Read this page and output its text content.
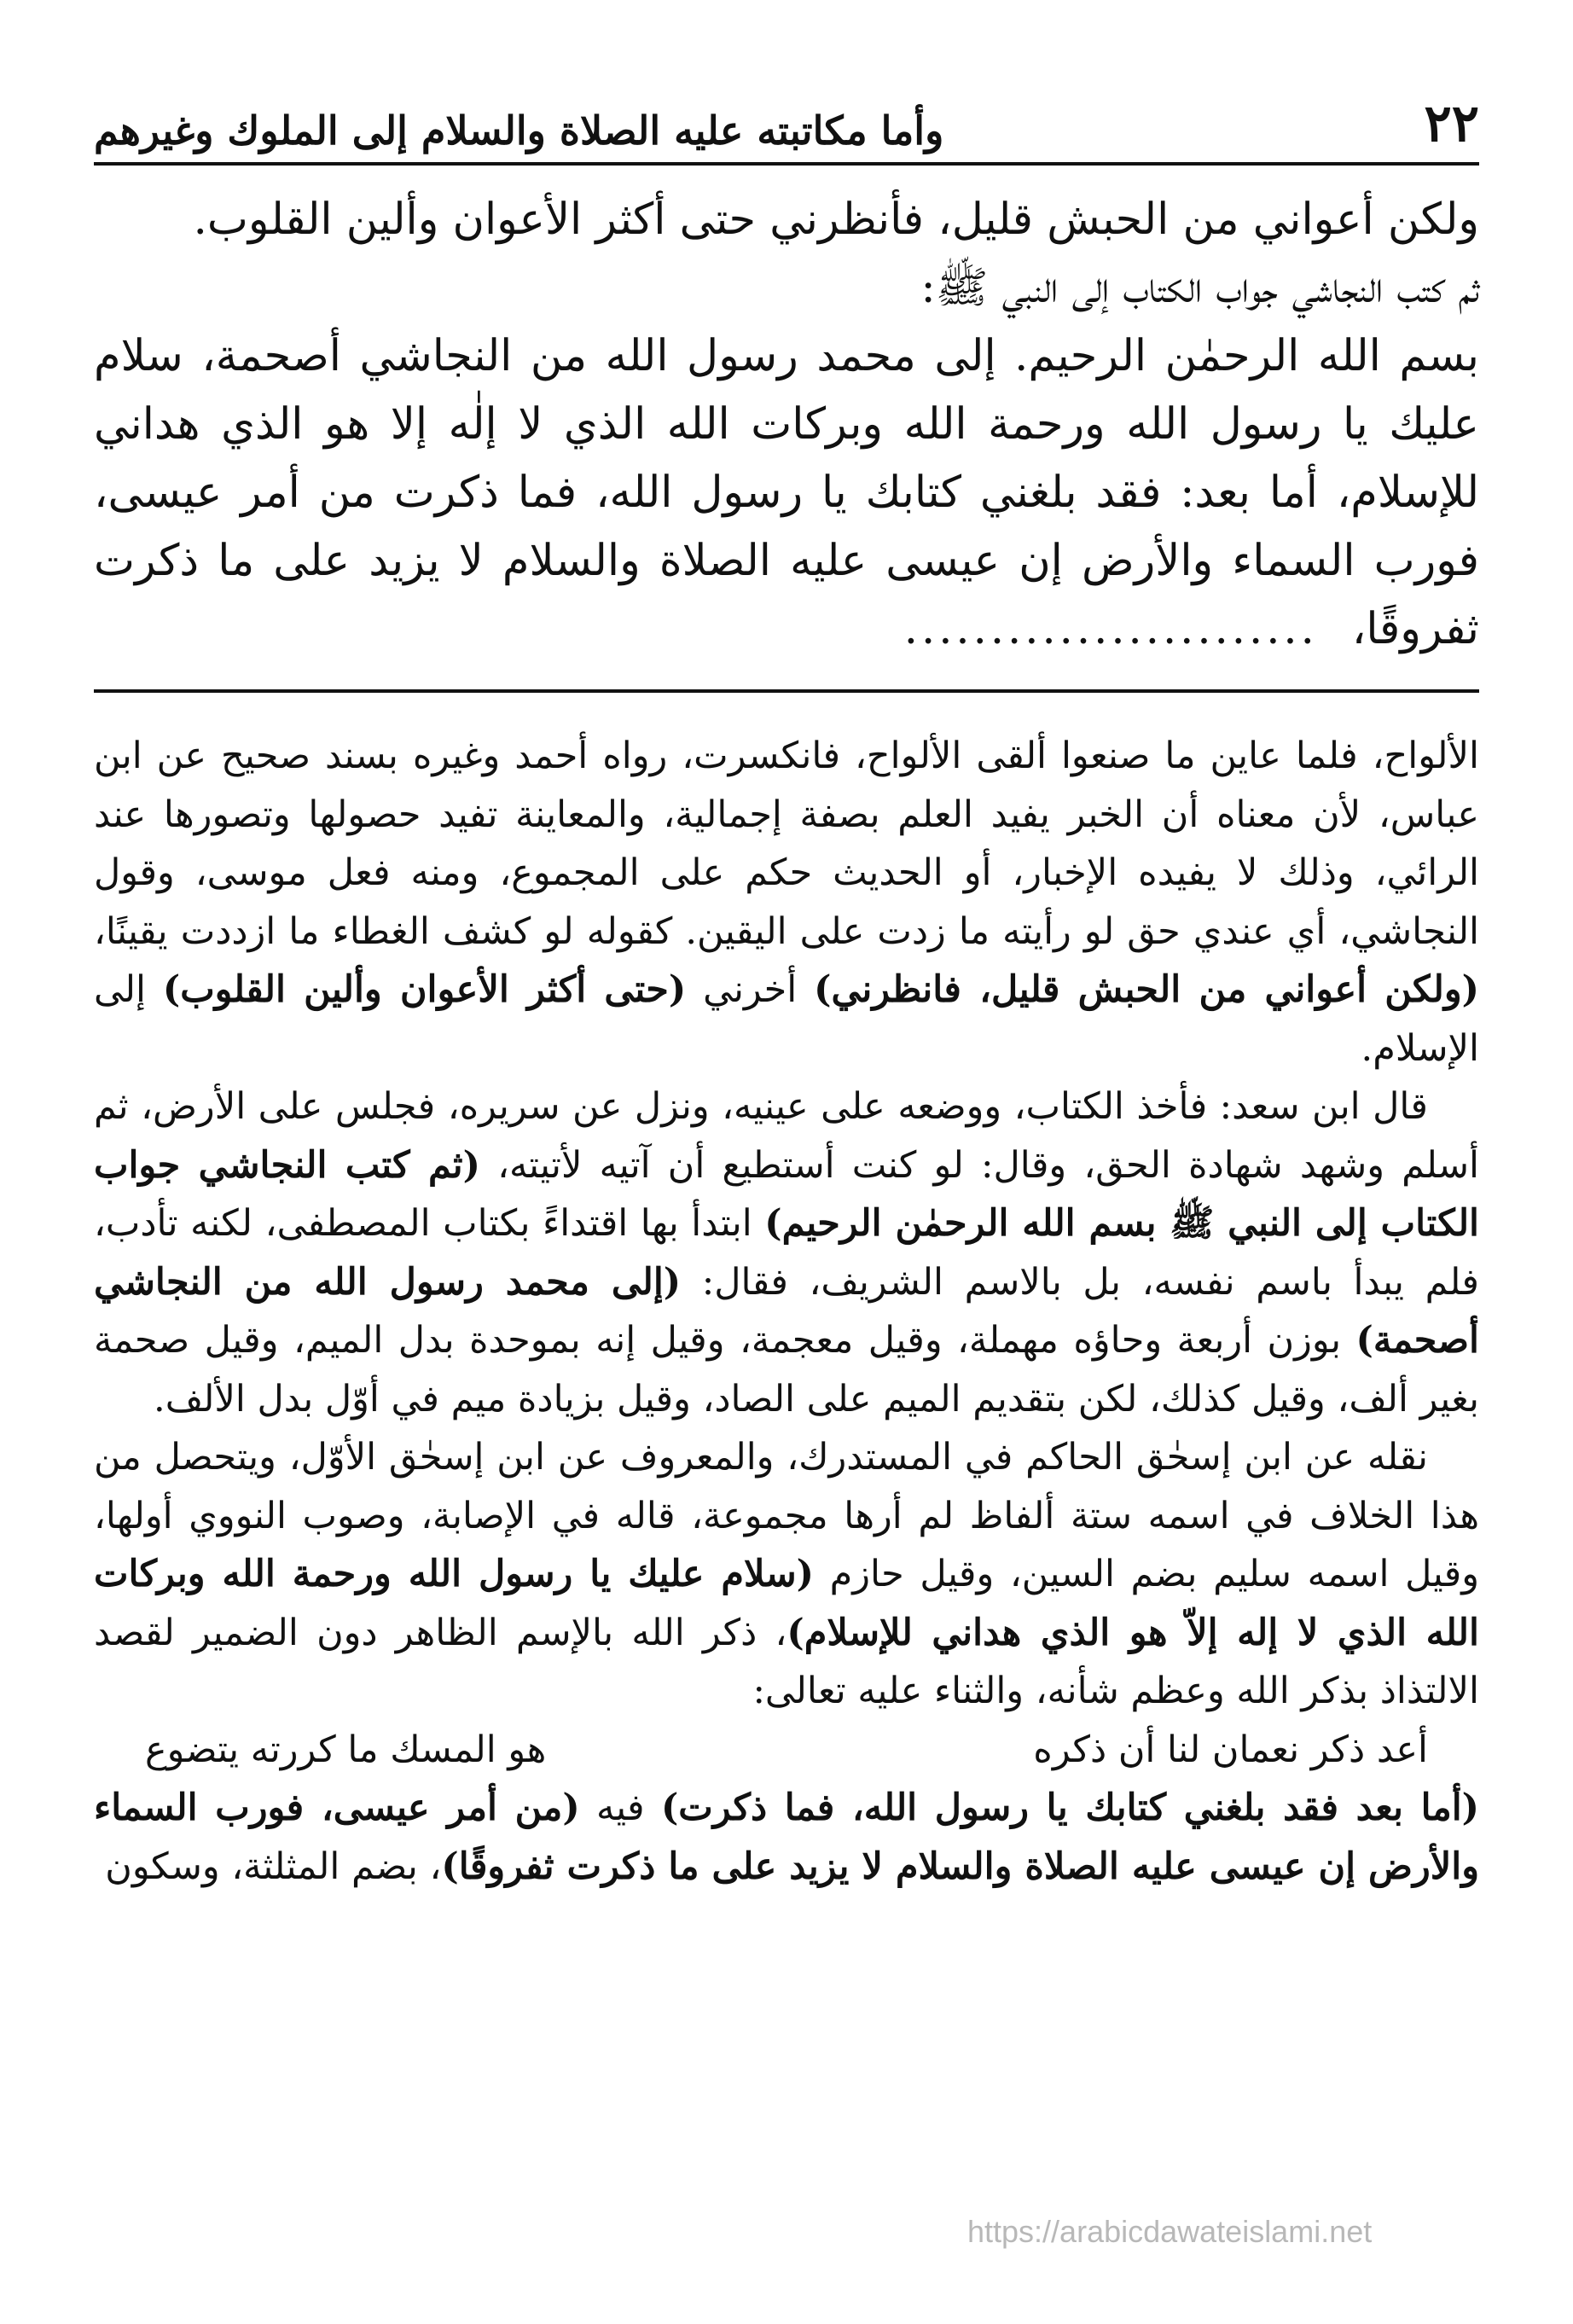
٢٢
وأما مكاتبته عليه الصلاة والسلام إلى الملوك وغيرهم

ولكن أعواني من الحبش قليل، فأنظرني حتى أكثر الأعوان وألين القلوب.

ثم كتب النجاشي جواب الكتاب إلى النبي ﷺ:

بسم الله الرحمٰن الرحيم. إلى محمد رسول الله من النجاشي أصحمة، سلام عليك يا رسول الله ورحمة الله وبركات الله الذي لا إلٰه إلا هو الذي هداني للإسلام، أما بعد: فقد بلغني كتابك يا رسول الله، فما ذكرت من أمر عيسى، فورب السماء والأرض إن عيسى عليه الصلاة والسلام لا يزيد على ما ذكرت ثفروقًا،........................

الألواح، فلما عاين ما صنعوا ألقى الألواح، فانكسرت، رواه أحمد وغيره بسند صحيح عن ابن عباس، لأن معناه أن الخبر يفيد العلم بصفة إجمالية، والمعاينة تفيد حصولها وتصورها عند الرائي، وذلك لا يفيده الإخبار، أو الحديث حكم على المجموع، ومنه فعل موسى، وقول النجاشي، أي عندي حق لو رأيته ما زدت على اليقين. كقوله لو كشف الغطاء ما ازددت يقينًا،(ولكن أعواني من الحبش قليل، فانظرني) أخرني (حتى أكثر الأعوان وألين القلوب) إلى الإسلام.

قال ابن سعد: فأخذ الكتاب، ووضعه على عينيه، ونزل عن سريره، فجلس على الأرض، ثم أسلم وشهد شهادة الحق، وقال: لو كنت أستطيع أن آتيه لأتيته، (ثم كتب النجاشي جواب الكتاب إلى النبي ﷺ بسم الله الرحمٰن الرحيم) ابتدأ بها اقتداءً بكتاب المصطفى، لكنه تأدب، فلم يبدأ باسم نفسه، بل بالاسم الشريف، فقال: (إلى محمد رسول الله من النجاشي أصحمة) بوزن أربعة وحاؤه مهملة، وقيل معجمة، وقيل إنه بموحدة بدل الميم، وقيل صحمة بغير ألف، وقيل كذلك، لكن بتقديم الميم على الصاد، وقيل بزيادة ميم في أوّل بدل الألف.

نقله عن ابن إسحٰق الحاكم في المستدرك، والمعروف عن ابن إسحٰق الأوّل، ويتحصل من هذا الخلاف في اسمه ستة ألفاظ لم أرها مجموعة، قاله في الإصابة، وصوب النووي أولها، وقيل اسمه سليم بضم السين، وقيل حازم (سلام عليك يا رسول الله ورحمة الله وبركات الله الذي لا إله إلاّ هو الذي هداني للإسلام)، ذكر الله بالإسم الظاهر دون الضمير لقصد الالتذاذ بذكر الله وعظم شأنه، والثناء عليه تعالى:

أعد ذكر نعمان لنا أن ذكره
هو المسك ما كررته يتضوع

(أما بعد فقد بلغني كتابك يا رسول الله، فما ذكرت) فيه (من أمر عيسى، فورب السماء والأرض إن عيسى عليه الصلاة والسلام لا يزيد على ما ذكرت ثفروقًا)، بضم المثلثة، وسكون

https://arabicdawateislami.net
